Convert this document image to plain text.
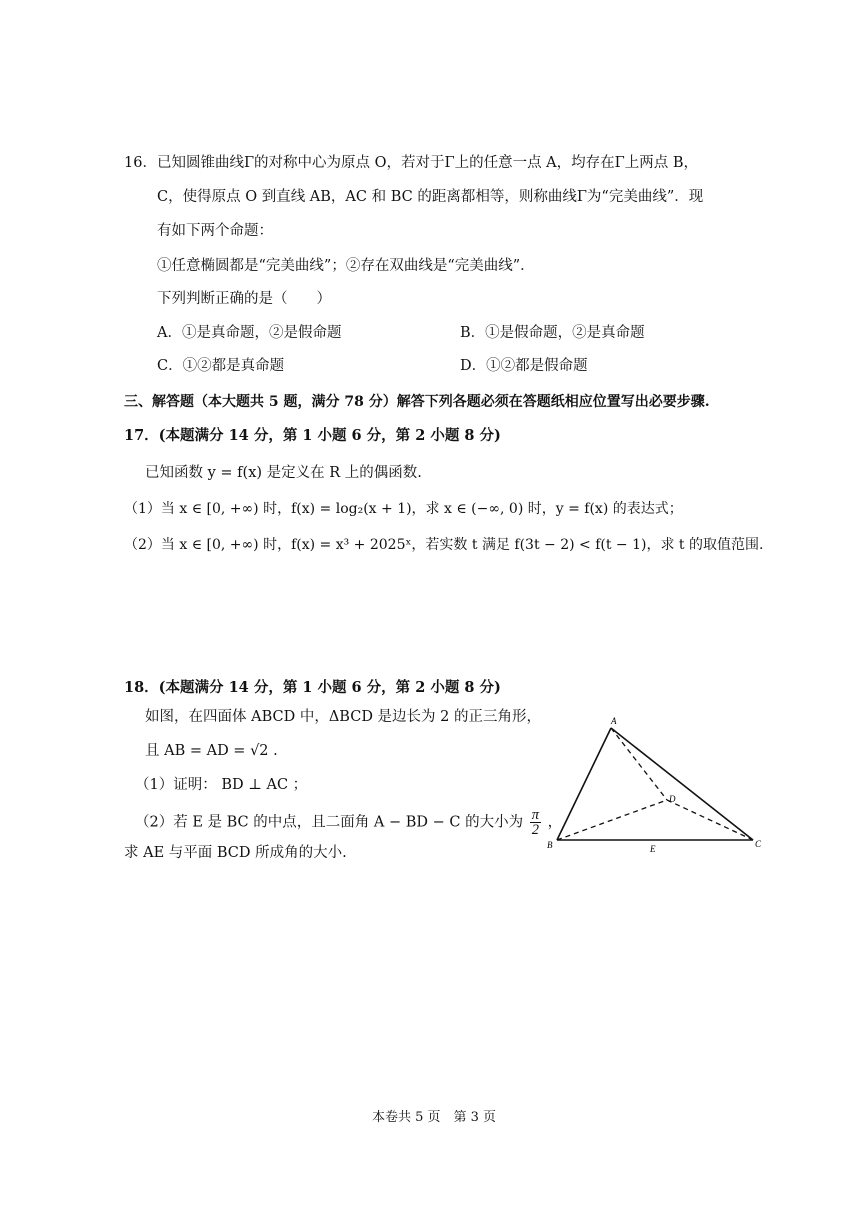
16．已知圆锥曲线Γ的对称中心为原点 O，若对于Γ上的任意一点 A，均存在Γ上两点 B，
C，使得原点 O 到直线 AB，AC 和 BC 的距离都相等，则称曲线Γ为“完美曲线”．现
有如下两个命题：
①任意椭圆都是“完美曲线”；②存在双曲线是“完美曲线”．
下列判断正确的是（　　）
A．①是真命题，②是假命题	B．①是假命题，②是真命题
C．①②都是真命题	D．①②都是假命题
三、解答题（本大题共 5 题，满分 78 分）解答下列各题必须在答题纸相应位置写出必要步骤.
17．(本题满分 14 分，第 1 小题 6 分，第 2 小题 8 分)
已知函数 y = f(x) 是定义在 R 上的偶函数.
（1）当 x ∈ [0, +∞) 时，f(x) = log₂(x + 1)，求 x ∈ (−∞, 0) 时，y = f(x) 的表达式；
（2）当 x ∈ [0, +∞) 时，f(x) = x³ + 2025ˣ，若实数 t 满足 f(3t − 2) < f(t − 1)，求 t 的取值范围.
18．(本题满分 14 分，第 1 小题 6 分，第 2 小题 8 分)
如图，在四面体 ABCD 中，ΔBCD 是边长为 2 的正三角形，
且 AB = AD = √2 .
（1）证明： BD ⊥ AC ；
（2）若 E 是 BC 的中点，且二面角 A − BD − C 的大小为 $\frac{\pi}{2}$ ，
求 AE 与平面 BCD 所成角的大小.
A
B	C
D
E
本卷共 5 页　第 3 页
